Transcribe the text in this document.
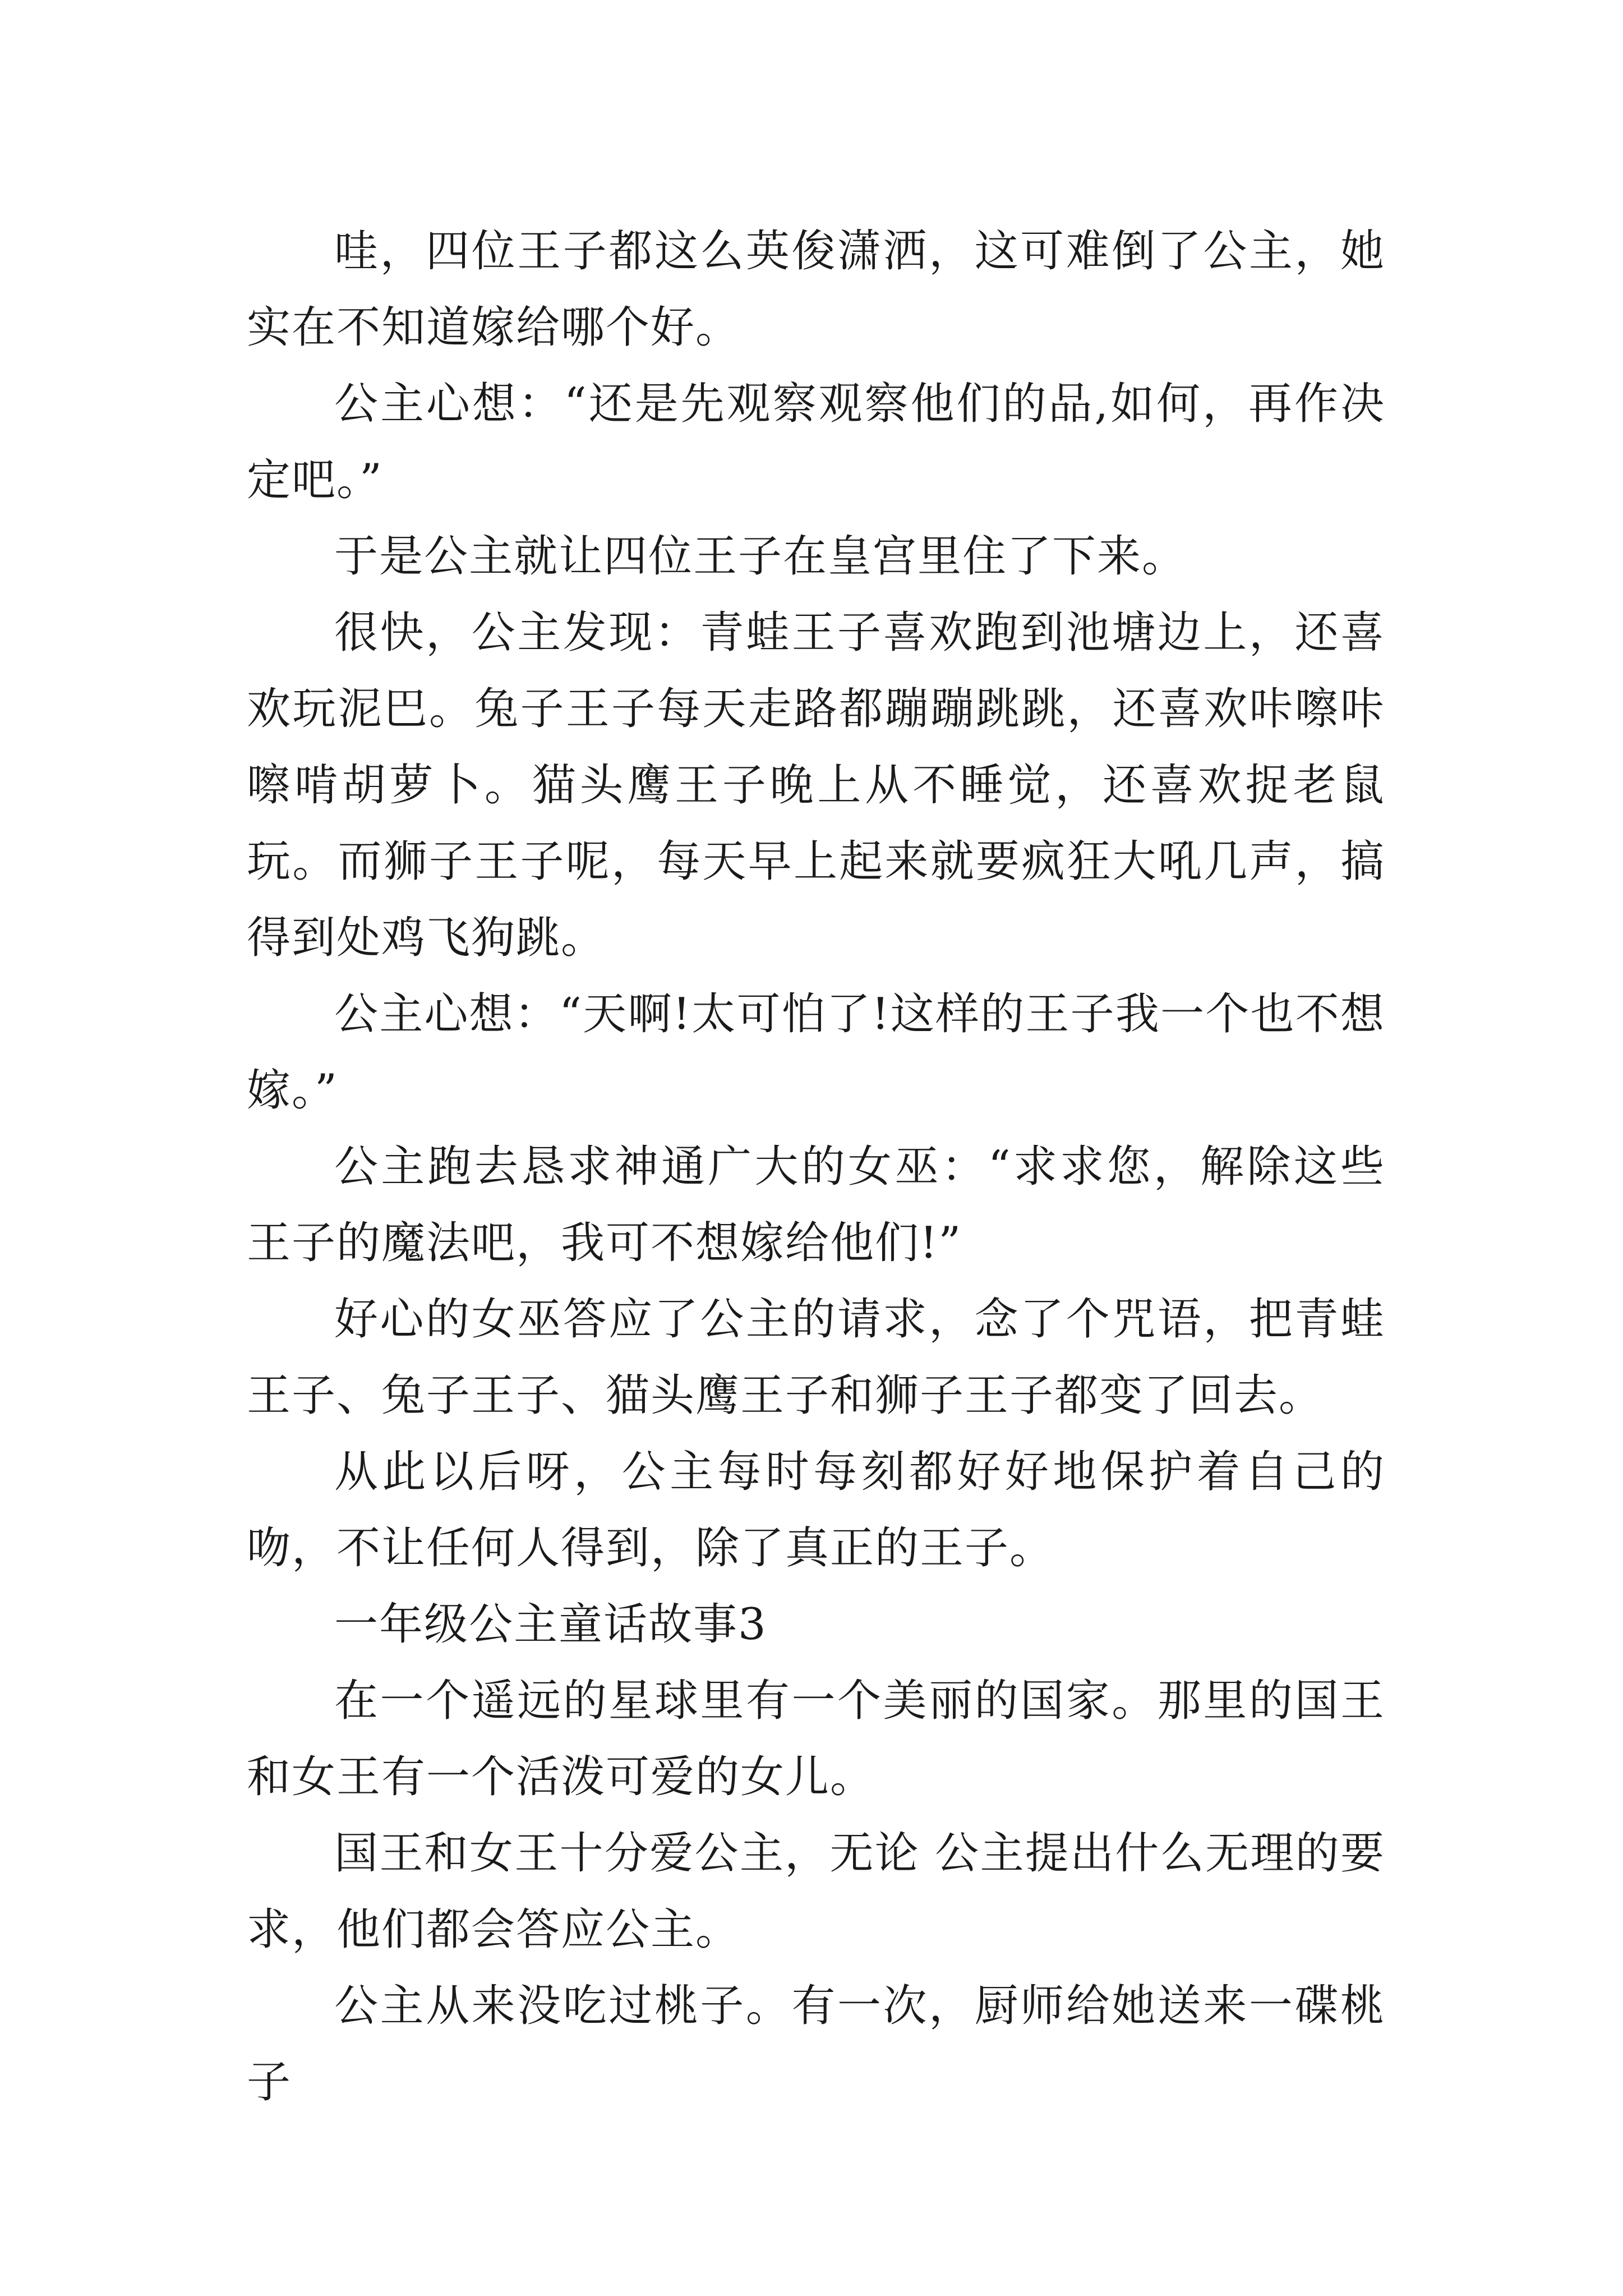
哇，四位王子都这么英俊潇洒，这可难倒了公主，她实在不知道嫁给哪个好。

公主心想：“还是先观察观察他们的品,如何，再作决定吧。”

于是公主就让四位王子在皇宫里住了下来。

很快，公主发现：青蛙王子喜欢跑到池塘边上，还喜欢玩泥巴。兔子王子每天走路都蹦蹦跳跳，还喜欢咔嚓咔嚓啃胡萝卜。猫头鹰王子晚上从不睡觉，还喜欢捉老鼠玩。而狮子王子呢，每天早上起来就要疯狂大吼几声，搞得到处鸡飞狗跳。

公主心想：“天啊!太可怕了!这样的王子我一个也不想嫁。”

公主跑去恳求神通广大的女巫：“求求您，解除这些王子的魔法吧，我可不想嫁给他们!”

好心的女巫答应了公主的请求，念了个咒语，把青蛙王子、兔子王子、猫头鹰王子和狮子王子都变了回去。

从此以后呀，公主每时每刻都好好地保护着自己的吻，不让任何人得到，除了真正的王子。

一年级公主童话故事3

在一个遥远的星球里有一个美丽的国家。那里的国王和女王有一个活泼可爱的女儿。

国王和女王十分爱公主，无论 公主提出什么无理的要求，他们都会答应公主。

公主从来没吃过桃子。有一次，厨师给她送来一碟桃子
